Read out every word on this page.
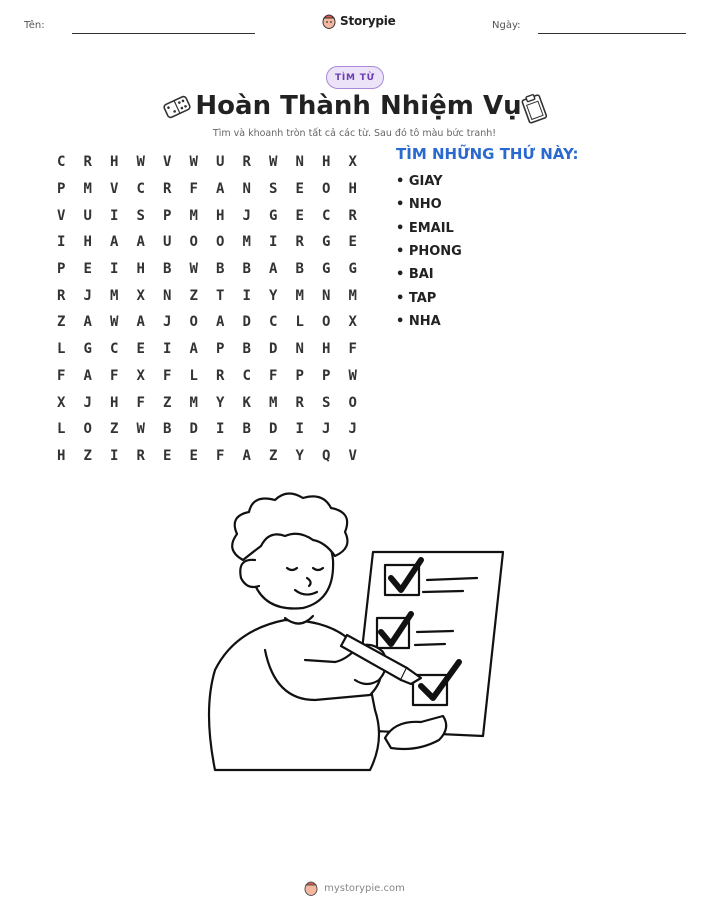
Tên:	Storypie	Ngày:
TÌM TỪ
Hoàn Thành Nhiệm Vụ
Tìm và khoanh tròn tất cả các từ. Sau đó tô màu bức tranh!
C	R	H	W	V	W	U	R	W	N	H	X
P	M	V	C	R	F	A	N	S	E	O	H
V	U	I	S	P	M	H	J	G	E	C	R
I	H	A	A	U	O	O	M	I	R	G	E
P	E	I	H	B	W	B	B	A	B	G	G
R	J	M	X	N	Z	T	I	Y	M	N	M
Z	A	W	A	J	O	A	D	C	L	O	X
L	G	C	E	I	A	P	B	D	N	H	F
F	A	F	X	F	L	R	C	F	P	P	W
X	J	H	F	Z	M	Y	K	M	R	S	O
L	O	Z	W	B	D	I	B	D	I	J	J
H	Z	I	R	E	E	F	A	Z	Y	Q	V
TÌM NHỮNG THỨ NÀY:
• GIAY
• NHO
• EMAIL
• PHONG
• BAI
• TAP
• NHA
mystorypie.com
